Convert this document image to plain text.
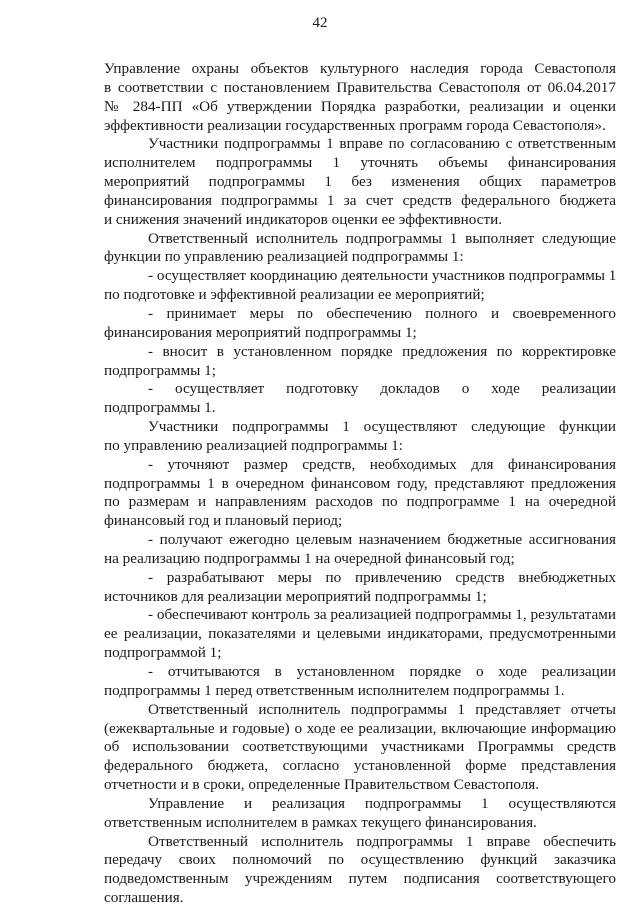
42
Управление охраны объектов культурного наследия города Севастополя
в соответствии с постановлением Правительства Севастополя от 06.04.2017
№ 284-ПП «Об утверждении Порядка разработки, реализации и оценки
эффективности реализации государственных программ города Севастополя».
Участники подпрограммы 1 вправе по согласованию с ответственным
исполнителем подпрограммы 1 уточнять объемы финансирования
мероприятий подпрограммы 1 без изменения общих параметров
финансирования подпрограммы 1 за счет средств федерального бюджета
и снижения значений индикаторов оценки ее эффективности.
Ответственный исполнитель подпрограммы 1 выполняет следующие
функции по управлению реализацией подпрограммы 1:
- осуществляет координацию деятельности участников подпрограммы 1
по подготовке и эффективной реализации ее мероприятий;
- принимает меры по обеспечению полного и своевременного
финансирования мероприятий подпрограммы 1;
- вносит в установленном порядке предложения по корректировке
подпрограммы 1;
- осуществляет подготовку докладов о ходе реализации
подпрограммы 1.
Участники подпрограммы 1 осуществляют следующие функции
по управлению реализацией подпрограммы 1:
- уточняют размер средств, необходимых для финансирования
подпрограммы 1 в очередном финансовом году, представляют предложения
по размерам и направлениям расходов по подпрограмме 1 на очередной
финансовый год и плановый период;
- получают ежегодно целевым назначением бюджетные ассигнования
на реализацию подпрограммы 1 на очередной финансовый год;
- разрабатывают меры по привлечению средств внебюджетных
источников для реализации мероприятий подпрограммы 1;
- обеспечивают контроль за реализацией подпрограммы 1, результатами
ее реализации, показателями и целевыми индикаторами, предусмотренными
подпрограммой 1;
- отчитываются в установленном порядке о ходе реализации
подпрограммы 1 перед ответственным исполнителем подпрограммы 1.
Ответственный исполнитель подпрограммы 1 представляет отчеты
(ежеквартальные и годовые) о ходе ее реализации, включающие информацию
об использовании соответствующими участниками Программы средств
федерального бюджета, согласно установленной форме представления
отчетности и в сроки, определенные Правительством Севастополя.
Управление и реализация подпрограммы 1 осуществляются
ответственным исполнителем в рамках текущего финансирования.
Ответственный исполнитель подпрограммы 1 вправе обеспечить
передачу своих полномочий по осуществлению функций заказчика
подведомственным учреждениям путем подписания соответствующего
соглашения.
